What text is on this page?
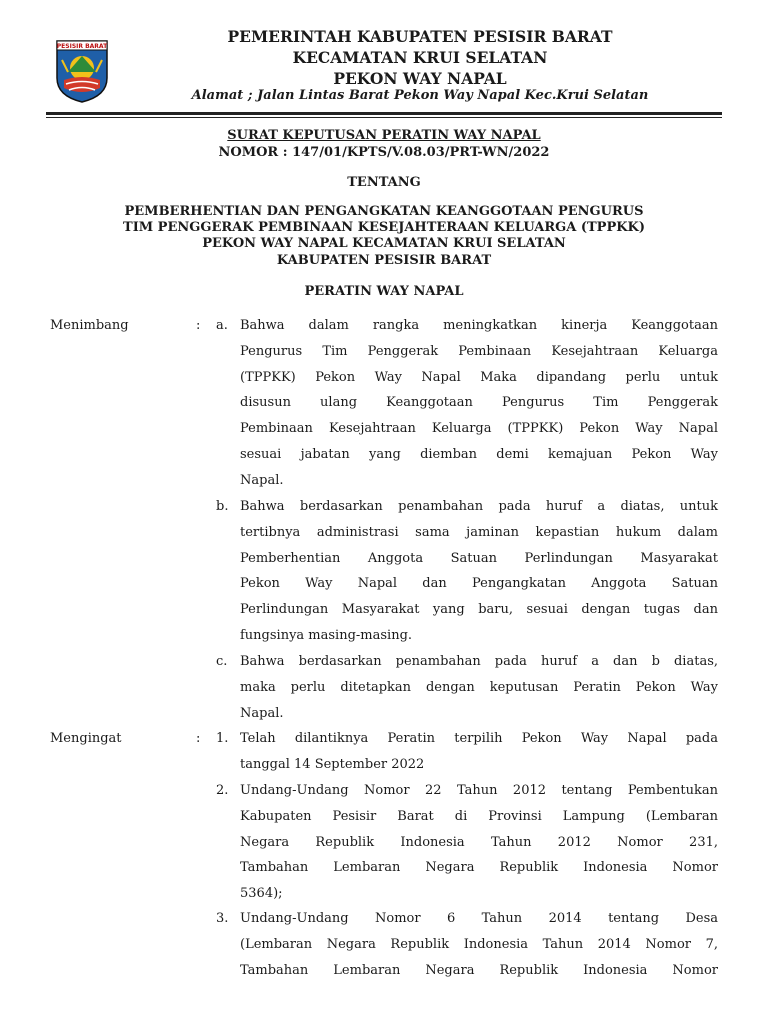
PESISIR BARAT
PEMERINTAH KABUPATEN PESISIR BARAT
KECAMATAN KRUI SELATAN
PEKON WAY NAPAL
Alamat ; Jalan Lintas Barat Pekon Way Napal Kec.Krui Selatan
SURAT KEPUTUSAN PERATIN WAY NAPAL
NOMOR : 147/01/KPTS/V.08.03/PRT-WN/2022
TENTANG
PEMBERHENTIAN DAN PENGANGKATAN KEANGGOTAAN PENGURUS
TIM PENGGERAK PEMBINAAN KESEJAHTERAAN KELUARGA (TPPKK)
PEKON WAY NAPAL KECAMATAN KRUI SELATAN
KABUPATEN PESISIR BARAT
PERATIN WAY NAPAL
Menimbang	: a. Bahwa dalam rangka meningkatkan kinerja Keanggotaan
Pengurus Tim Penggerak Pembinaan Kesejahtraan Keluarga
(TPPKK) Pekon Way Napal Maka dipandang perlu untuk
disusun ulang Keanggotaan Pengurus Tim Penggerak
Pembinaan Kesejahtraan Keluarga (TPPKK) Pekon Way Napal
sesuai jabatan yang diemban demi kemajuan Pekon Way
Napal.
b. Bahwa berdasarkan penambahan pada huruf a diatas, untuk
tertibnya administrasi sama jaminan kepastian hukum dalam
Pemberhentian Anggota Satuan Perlindungan Masyarakat
Pekon Way Napal dan Pengangkatan Anggota Satuan
Perlindungan Masyarakat yang baru, sesuai dengan tugas dan
fungsinya masing-masing.
c. Bahwa berdasarkan penambahan pada huruf a dan b diatas,
maka perlu ditetapkan dengan keputusan Peratin Pekon Way
Napal.
Mengingat	: 1. Telah dilantiknya Peratin terpilih Pekon Way Napal pada
tanggal 14 September 2022
2. Undang-Undang Nomor 22 Tahun 2012 tentang Pembentukan
Kabupaten Pesisir Barat di Provinsi Lampung (Lembaran
Negara Republik Indonesia Tahun 2012 Nomor 231,
Tambahan Lembaran Negara Republik Indonesia Nomor
5364);
3. Undang-Undang Nomor 6 Tahun 2014 tentang Desa
(Lembaran Negara Republik Indonesia Tahun 2014 Nomor 7,
Tambahan Lembaran Negara Republik Indonesia Nomor
